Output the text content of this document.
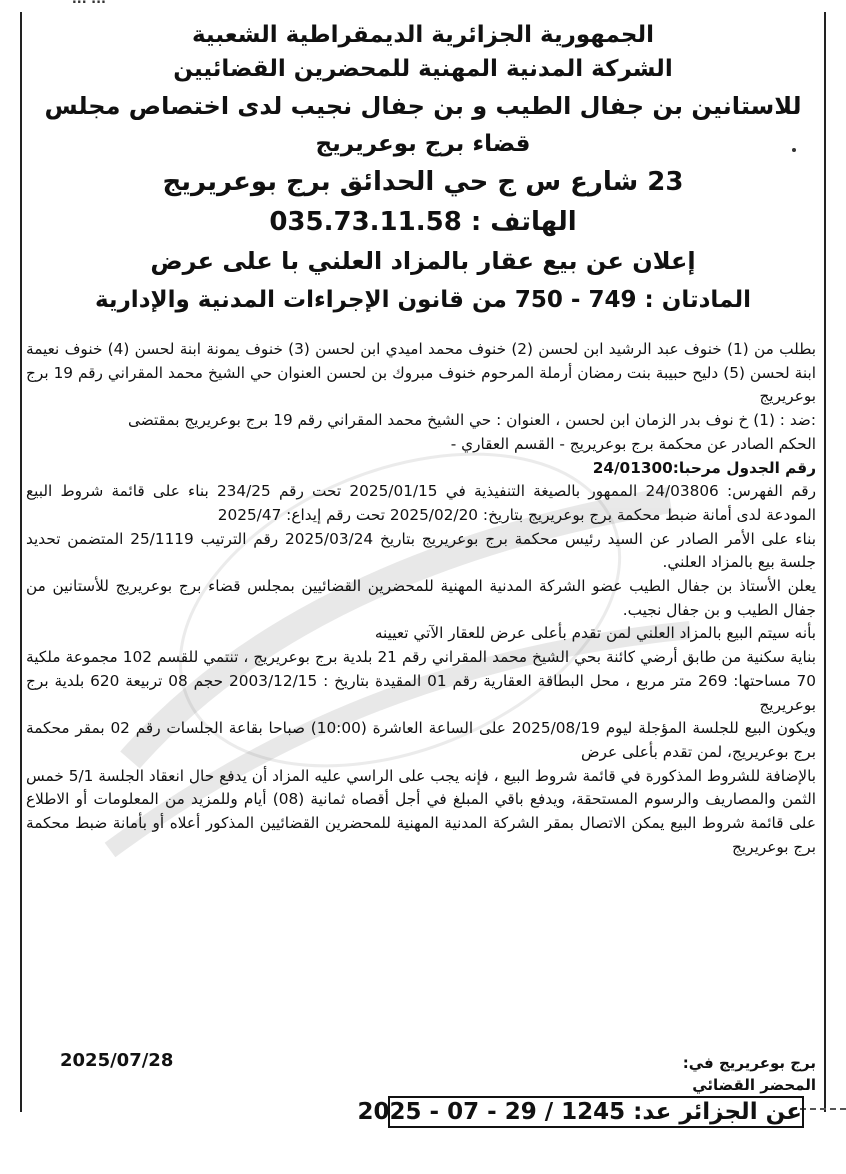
الجمهورية الجزائرية الديمقراطية الشعبية
الشركة المدنية المهنية للمحضرين القضائيين
للاستانين بن جفال الطيب و بن جفال نجيب لدى اختصاص مجلس
قضاء برج بوعريريج
23 شارع س ج حي الحدائق برج بوعريريج
الهاتف : 035.73.11.58
إعلان عن بيع عقار بالمزاد العلني با على عرض
المادتان : 749 - 750 من قانون الإجراءات المدنية والإدارية

بطلب من (1) خنوف عبد الرشيد ابن لحسن (2) خنوف محمد اميدي ابن لحسن (3) خنوف يمونة ابنة لحسن (4) خنوف نعيمة ابنة لحسن (5) دليح حبيبة بنت رمضان أرملة المرحوم خنوف مبروك بن لحسن العنوان حي الشيخ محمد المقراني رقم 19 برج بوعريريج

:ضد : (1) خ نوف بدر الزمان ابن لحسن ، العنوان : حي الشيخ محمد المقراني رقم 19 برج بوعريريج بمقتضى

الحكم الصادر عن محكمة برج بوعريريج - القسم العقاري -

رقم الجدول مرحبا:24/01300

رقم الفهرس: 24/03806 الممهور بالصيغة التنفيذية في 2025/01/15 تحت رقم 234/25 بناء على قائمة شروط البيع المودعة لدى أمانة ضبط محكمة برج بوعريريج بتاريخ: 2025/02/20 تحت رقم إيداع: 2025/47

بناء على الأمر الصادر عن السيد رئيس محكمة برج بوعريريج بتاريخ 2025/03/24 رقم الترتيب 25/1119 المتضمن تحديد جلسة بيع بالمزاد العلني.

يعلن الأستاذ بن جفال الطيب عضو الشركة المدنية المهنية للمحضرين القضائيين بمجلس قضاء برج بوعريريج للأستانين من جفال الطيب و بن جفال نجيب.

بأنه سيتم البيع بالمزاد العلني لمن تقدم بأعلى عرض للعقار الآتي تعيينه

بناية سكنية من طابق أرضي كائنة بحي الشيخ محمد المقراني رقم 21 بلدية برج بوعريريج ، تنتمي للقسم 102 مجموعة ملكية 70 مساحتها: 269 متر مربع ، محل البطاقة العقارية رقم 01 المقيدة بتاريخ : 2003/12/15 حجم 08 تربيعة 620 بلدية برج بوعريريج

ويكون البيع للجلسة المؤجلة ليوم 2025/08/19 على الساعة العاشرة (10:00) صباحا بقاعة الجلسات رقم 02 بمقر محكمة برج بوعريريج، لمن تقدم بأعلى عرض

بالإضافة للشروط المذكورة في قائمة شروط البيع ، فإنه يجب على الراسي عليه المزاد أن يدفع حال انعقاد الجلسة 5/1 خمس الثمن والمصاريف والرسوم المستحقة، ويدفع باقي المبلغ في أجل أقصاه ثمانية (08) أيام وللمزيد من المعلومات أو الاطلاع على قائمة شروط البيع يمكن الاتصال بمقر الشركة المدنية المهنية للمحضرين القضائيين المذكور أعلاه أو بأمانة ضبط محكمة برج بوعريريج

برج بوعريريج في:
المحضر القضائي
2025/07/28
عن الجزائر عد: 1245 / 29 - 07 - 2025
